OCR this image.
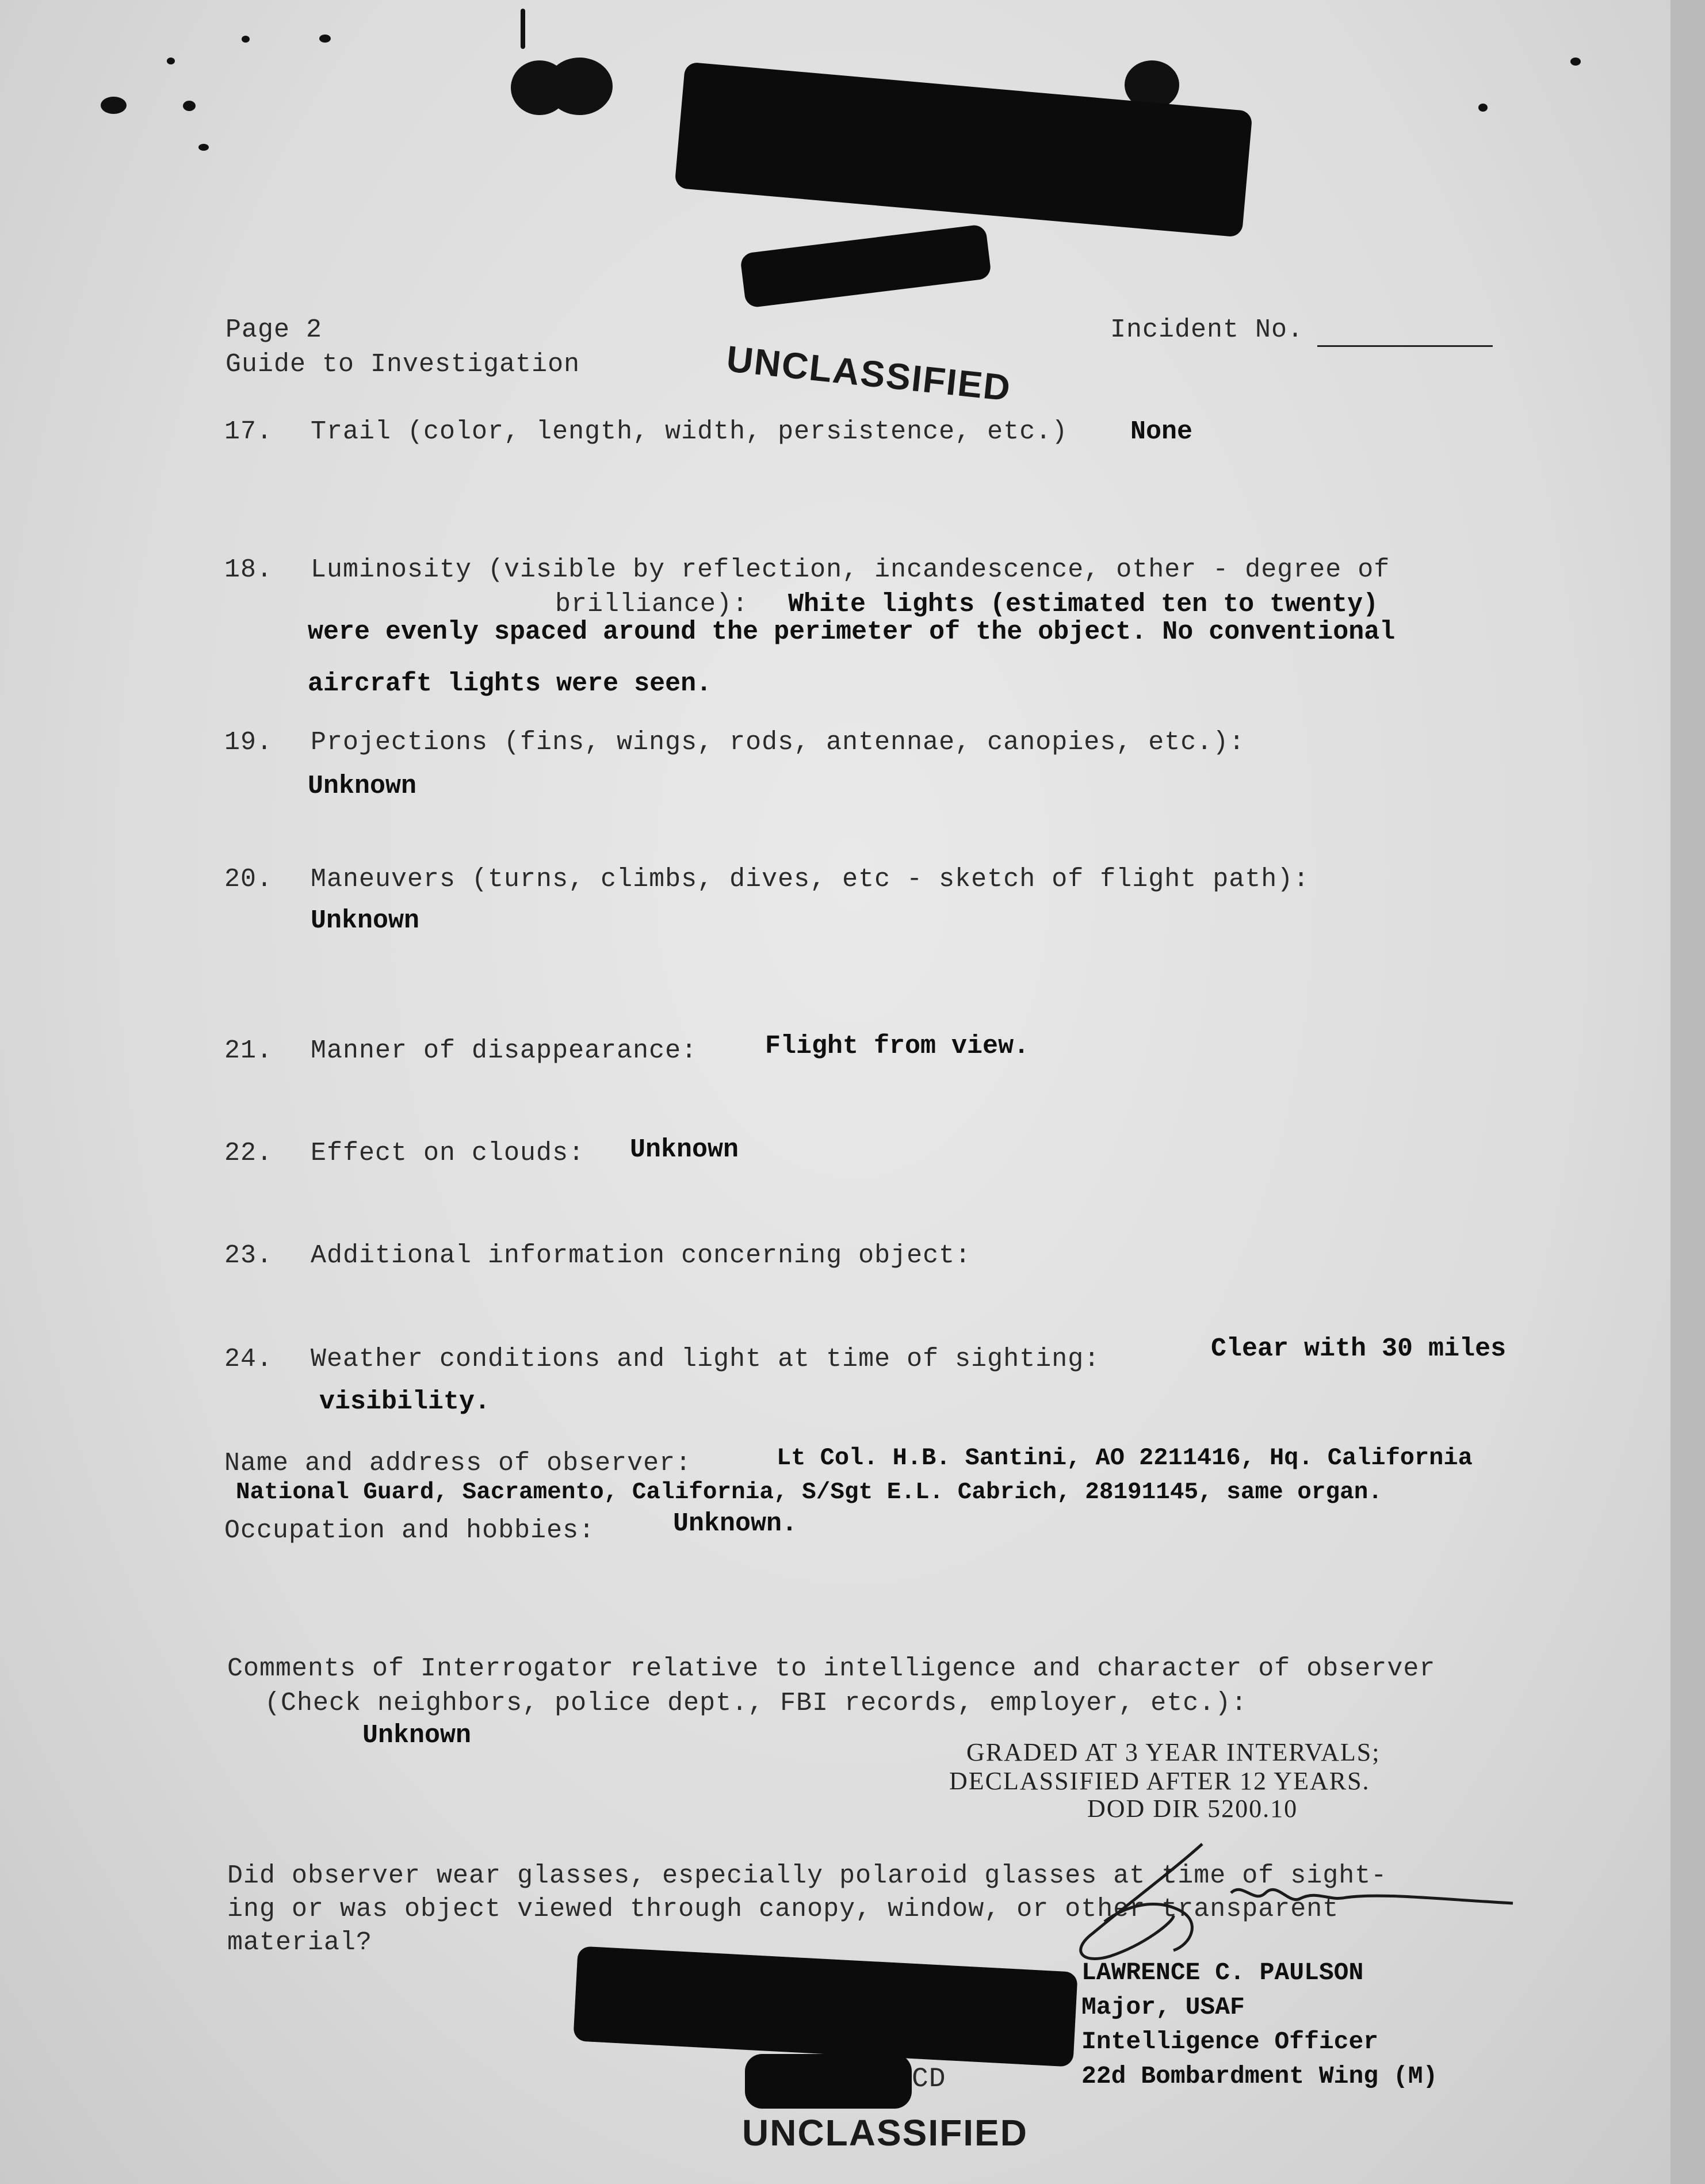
Page 2
Guide to Investigation
Incident No.
UNCLASSIFIED
17. Trail (color, length, width, persistence, etc.) None
18. Luminosity (visible by reflection, incandescence, other - degree of
brilliance): White lights (estimated ten to twenty)
were evenly spaced around the perimeter of the object. No conventional
aircraft lights were seen.
19. Projections (fins, wings, rods, antennae, canopies, etc.):
Unknown
20. Maneuvers (turns, climbs, dives, etc - sketch of flight path):
Unknown
21. Manner of disappearance:	Flight from view.
22. Effect on clouds: Unknown
23. Additional information concerning object:
24. Weather conditions and light at time of sighting:	Clear with 30 miles
visibility.
Name and address of observer:	Lt Col. H.B. Santini, AO 2211416, Hq. California
National Guard, Sacramento, California, S/Sgt E.L. Cabrich, 28191145, same organ.
Occupation and hobbies:	Unknown.
Comments of Interrogator relative to intelligence and character of observer
(Check neighbors, police dept., FBI records, employer, etc.):
Unknown
GRADED AT 3 YEAR INTERVALS;
DECLASSIFIED AFTER 12 YEARS.
DOD DIR 5200.10
Did observer wear glasses, especially polaroid glasses at time of sight-
ing or was object viewed through canopy, window, or other transparent
material?
LAWRENCE C. PAULSON
Major, USAF
Intelligence Officer
22d Bombardment Wing (M)
CD
UNCLASSIFIED
